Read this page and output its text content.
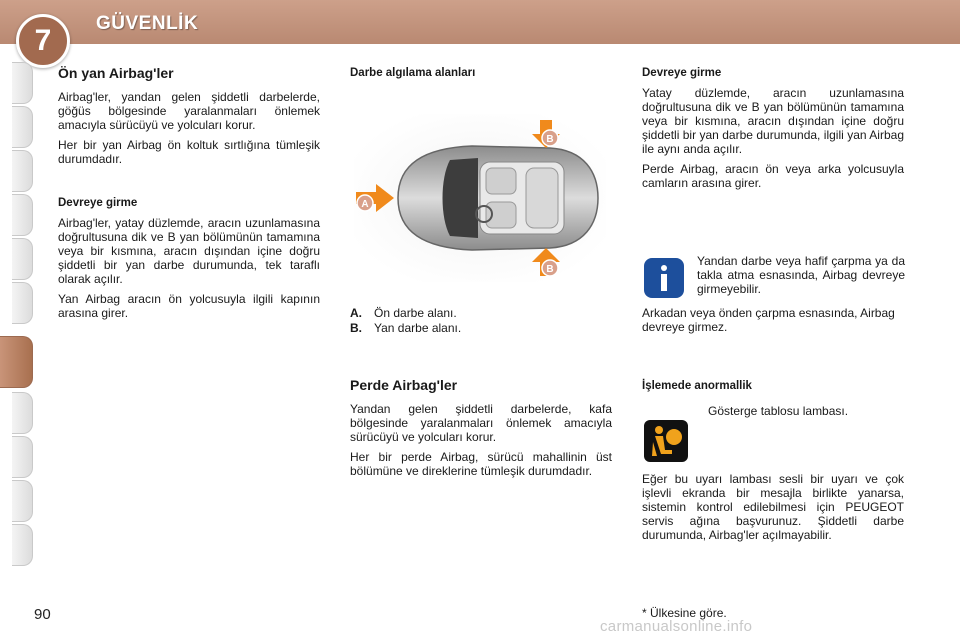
GÜVENLİK
7
Ön yan Airbag'ler

Airbag'ler, yandan gelen şiddetli darbelerde, göğüs bölgesinde yaralanmaları önlemek amacıyla sürücüyü ve yolcuları korur.

Her bir yan Airbag ön koltuk sırtlığına tümleşik durumdadır.

Devreye girme

Airbag'ler, yatay düzlemde, aracın uzunlamasına doğrultusuna dik ve B yan bölümünün tamamına veya bir kısmına, aracın dışından içine doğru şiddetli bir yan darbe durumunda, tek taraflı olarak açılır.

Yan Airbag aracın ön yolcusuyla ilgili kapının arasına girer.

Darbe algılama alanları
A
B
B
A. Ön darbe alanı.
B. Yan darbe alanı.
Perde Airbag'ler

Yandan gelen şiddetli darbelerde, kafa bölgesinde yaralanmaları önlemek amacıyla sürücüyü ve yolcuları korur.

Her bir perde Airbag, sürücü mahallinin üst bölümüne ve direklerine tümleşik durumdadır.

Devreye girme

Yatay düzlemde, aracın uzunlamasına doğrultusuna dik ve B yan bölümünün tamamına veya bir kısmına, aracın dışından içine doğru şiddetli bir yan darbe durumunda, ilgili yan Airbag ile aynı anda açılır.

Perde Airbag, aracın ön veya arka yolcusuyla camların arasına girer.

Yandan darbe veya hafif çarpma ya da takla atma esnasında, Airbag devreye girmeyebilir.
Arkadan veya önden çarpma esnasında, Airbag devreye girmez.
İşlemede anormallik
Gösterge tablosu lambası.
Eğer bu uyarı lambası sesli bir uyarı ve çok işlevli ekranda bir mesajla birlikte yanarsa, sistemin kontrol edilebilmesi için PEUGEOT servis ağına başvurunuz. Şiddetli darbe durumunda, Airbag'ler açılmayabilir.
90	* Ülkesine göre.
carmanualsonline.info
